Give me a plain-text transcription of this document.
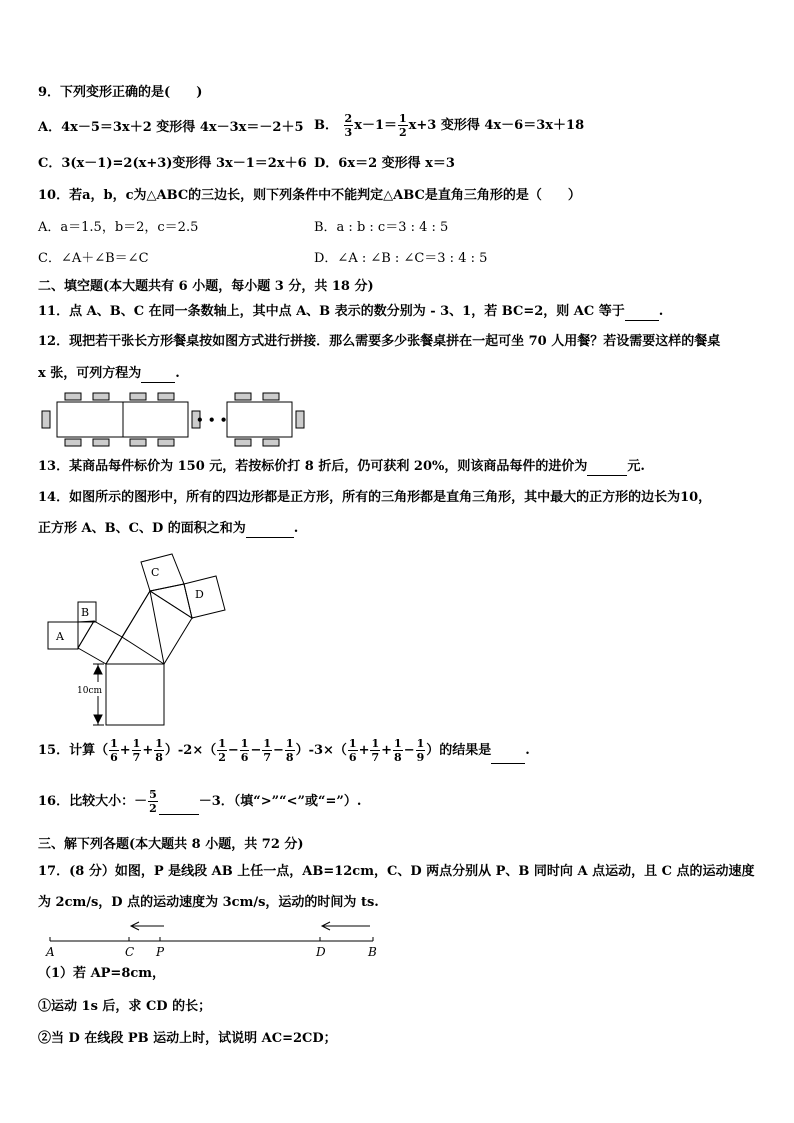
9．下列变形正确的是(　　)
A．4x－5＝3x＋2 变形得 4x－3x＝－2＋5 B． $\frac{2}{3} x-1= \frac{1}{2} x+3$ 变形得 4x－6＝3x＋18
C．3(x－1)=2(x+3)变形得 3x－1＝2x＋6 D．6x＝2 变形得 x＝3
10．若a，b，c为△ABC的三边长，则下列条件中不能判定△ABC是直角三角形的是（　　）
A．a＝1.5，b＝2，c＝2.5	B．a : b : c＝3 : 4 : 5
C．∠A＋∠B＝∠C	D．∠A : ∠B : ∠C＝3 : 4 : 5
二、填空题(本大题共有 6 小题，每小题 3 分，共 18 分)
11．点 A、B、C 在同一条数轴上，其中点 A、B 表示的数分别为 - 3、1，若 BC=2，则 AC 等于	.
12．现把若干张长方形餐桌按如图方式进行拼接．那么需要多少张餐桌拼在一起可坐 70 人用餐？若设需要这样的餐桌
x 张，可列方程为	.
• • •
13．某商品每件标价为 150 元，若按标价打 8 折后，仍可获利 20%，则该商品每件的进价为	元.
14．如图所示的图形中，所有的四边形都是正方形，所有的三角形都是直角三角形，其中最大的正方形的边长为10，
正方形 A、B、C、D 的面积之和为	.
10cm
A
B
C
D
15．计算（ $\frac{1}{6} + \frac{1}{7} + \frac{1}{8} )-2\times( \frac{1}{2} - \frac{1}{6} - \frac{1}{7} - \frac{1}{8} )-3\times( \frac{1}{6} + \frac{1}{7} + \frac{1}{8} - \frac{1}{9}$ ）的结果是	.
16．比较大小：－ $\frac{5}{2}$	－3．（填“>”“<”或“=”）.
三、解下列各题(本大题共 8 小题，共 72 分)
17．(8 分）如图，P 是线段 AB 上任一点，AB=12cm，C、D 两点分别从 P、B 同时向 A 点运动，且 C 点的运动速度
为 2cm/s，D 点的运动速度为 3cm/s，运动的时间为 ts.
A	C P	D	B
（1）若 AP=8cm，
①运动 1s 后，求 CD 的长；
②当 D 在线段 PB 运动上时，试说明 AC=2CD；
